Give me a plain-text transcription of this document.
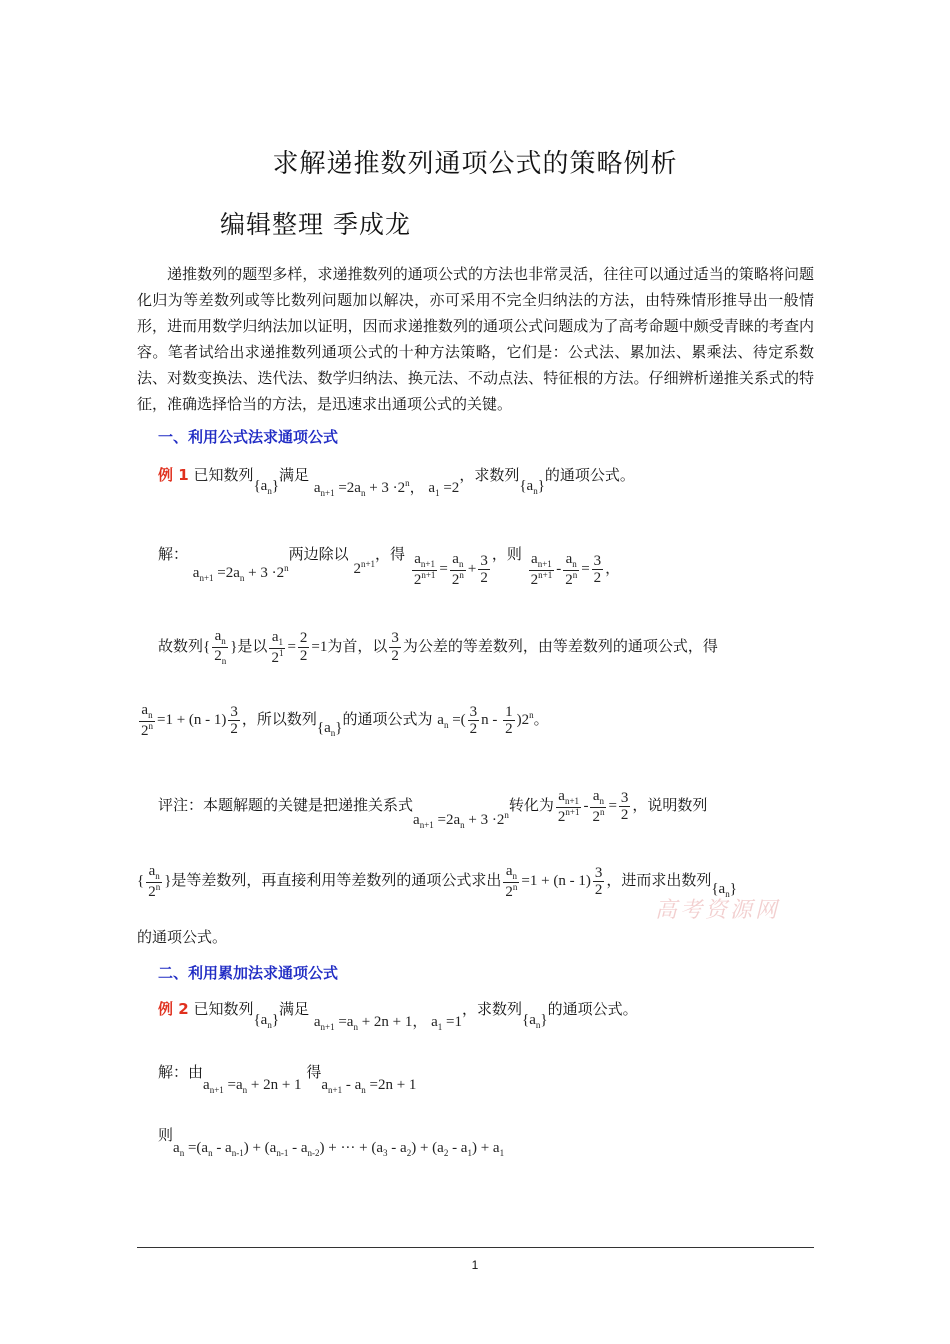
求解递推数列通项公式的策略例析
编辑整理 季成龙

递推数列的题型多样，求递推数列的通项公式的方法也非常灵活，往往可以通过适当的策略将问题化归为等差数列或等比数列问题加以解决，亦可采用不完全归纳法的方法，由特殊情形推导出一般情形，进而用数学归纳法加以证明，因而求递推数列的通项公式问题成为了高考命题中颇受青睐的考查内容。笔者试给出求递推数列通项公式的十种方法策略，它们是：公式法、累加法、累乘法、待定系数法、对数变换法、迭代法、数学归纳法、换元法、不动点法、特征根的方法。仔细辨析递推关系式的特征，准确选择恰当的方法，是迅速求出通项公式的关键。

一、利用公式法求通项公式
例 1 已知数列$\{a_n\}$满足 $a_{n+1} =2a_n + 3 \cdot 2^n$， $a_1 =2$，求数列$\{a_n\}$的通项公式。
解： $a_{n+1} =2a_n + 3 \cdot 2^n$两边除以 $2^{n+1}$，得 $\frac{a_{n+1}}{2^{n+1}} = \frac{a_n}{2^n} + \frac{3}{2}$ ，则 $\frac{a_{n+1}}{2^{n+1}} - \frac{a_n}{2^n} = \frac{3}{2}$ ，
故数列{ $\frac{a_n}{2_n}$ }是以 $\frac{a_1}{2^1} = \frac{2}{2} =1$为首，以 $\frac{3}{2}$ 为公差的等差数列，由等差数列的通项公式，得
$\frac{a_n}{2^n} =1 + (n - 1) \frac{3}{2}$ ，所以数列$\{a_n\}$的通项公式为 $a_n$ =( $\frac{3}{2}$ n - $\frac{1}{2} )2^n$。
评注：本题解题的关键是把递推关系式$a_{n+1} =2a_n + 3 \cdot 2^n$转化为 $\frac{a_{n+1}}{2^{n+1}} - \frac{a_n}{2^n} = \frac{3}{2}$ ，说明数列
{ $\frac{a_n}{2^n}$ }是等差数列，再直接利用等差数列的通项公式求出 $\frac{a_n}{2^n} =1 + (n - 1) \frac{3}{2}$ ，进而求出数列$\{a_n\}$
高考资源网
的通项公式。
二、利用累加法求通项公式
例 2 已知数列$\{a_n\}$满足 $a_{n+1} =a_n + 2n + 1$， $a_1 =1$，求数列$\{a_n\}$的通项公式。
解：由$a_{n+1} =a_n + 2n + 1$ 得$a_{n+1} - a_n =2n + 1$
则$a_n =(a_n - a_{n-1}) + (a_{n-1} - a_{n-2})$ + ··· + $(a_3 - a_2) + (a_2 - a_1) + a_1$
1
